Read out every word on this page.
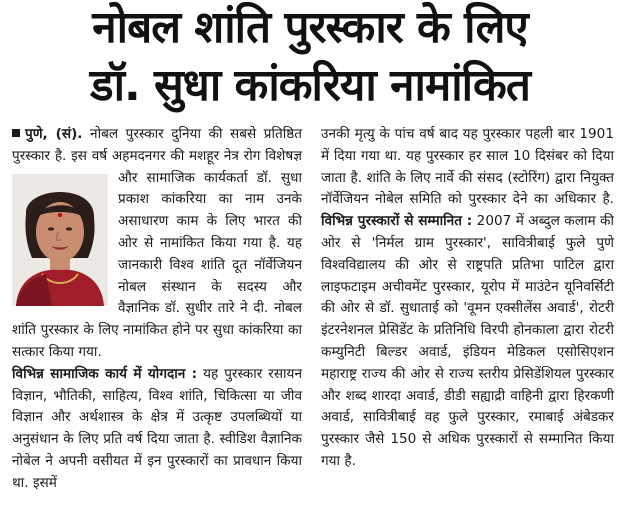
नोबल शांति पुरस्कार के लिए
डॉ. सुधा कांकरिया नामांकित

पुणे, (सं). नोबल पुरस्कार दुनिया की सबसे प्रतिष्ठित पुरस्कार है. इस वर्ष अहमदनगर की मशहूर नेत्र रोग विशेषज्ञ और सामाजिक कार्यकर्ता डॉ. सुधा
प्रकाश कांकरिया का नाम उनके असाधारण काम के लिए भारत की ओर से नामांकित किया गया है. यह जानकारी विश्व शांति दूत नॉर्वेजियन नोबल संस्थान के सदस्य और वैज्ञानिक डॉ. सुधीर तारे ने दी. नोबल शांति पुरस्कार के लिए नामांकित होने पर सुधा कांकरिया का सत्कार किया गया.

विभिन्न सामाजिक कार्य में योगदान : यह पुरस्कार रसायन विज्ञान, भौतिकी, साहित्य, विश्व शांति, चिकित्सा या जीव विज्ञान और अर्थशास्त्र के क्षेत्र में उत्कृष्ट उपलब्धियों या अनुसंधान के लिए प्रति वर्ष दिया जाता है. स्वीडिश वैज्ञानिक नोबेल ने अपनी वसीयत में इन पुरस्कारों का प्रावधान किया था. इसमें

उनकी मृत्यु के पांच वर्ष बाद यह पुरस्कार पहली बार 1901 में दिया गया था. यह पुरस्कार हर साल 10 दिसंबर को दिया जाता है. शांति के लिए नार्वे की संसद (स्टोरिंग) द्वारा नियुक्त नॉर्वेजियन नोबेल समिति को पुरस्कार देने का अधिकार है. विभिन्न पुरस्कारों से सम्मानित : 2007 में अब्दुल कलाम की ओर से 'निर्मल ग्राम पुरस्कार', सावित्रीबाई फुले पुणे विश्वविद्यालय की ओर से राष्ट्रपति प्रतिभा पाटिल द्वारा लाइफटाइम अचीवमेंट पुरस्कार, यूरोप में माउंटेन यूनिवर्सिटी की ओर से डॉ. सुधाताई को 'वूमन एक्सीलेंस अवार्ड', रोटरी इंटरनेशनल प्रेसिडेंट के प्रतिनिधि विरपी होनकाला द्वारा रोटरी कम्युनिटी बिल्डर अवार्ड, इंडियन मेडिकल एसोसिएशन महाराष्ट्र राज्य की ओर से राज्य स्तरीय प्रेसिडेंशियल पुरस्कार और शब्द शारदा अवार्ड, डीडी सह्याद्री वाहिनी द्वारा हिरकणी अवार्ड, सावित्रीबाई वह फुले पुरस्कार, रमाबाई अंबेडकर पुरस्कार जैसे 150 से अधिक पुरस्कारों से सम्मानित किया गया है.
